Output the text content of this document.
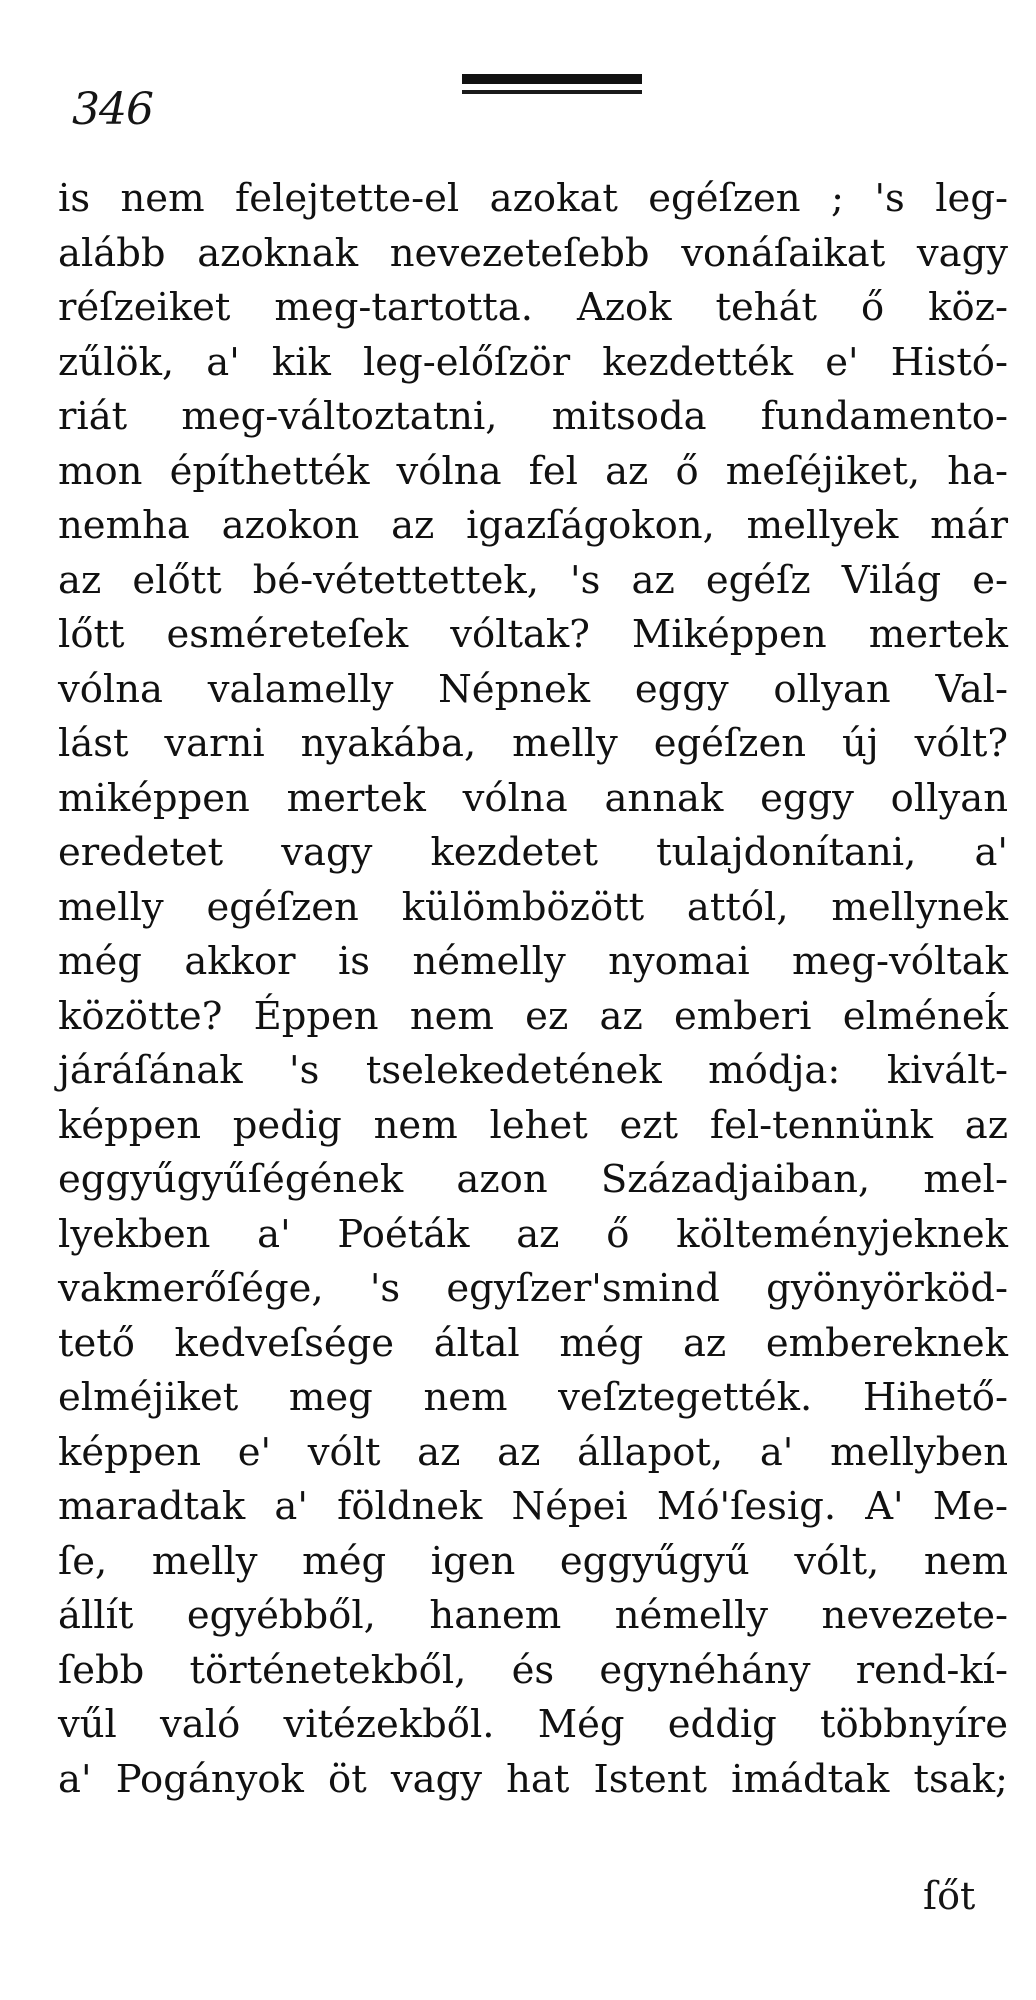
346
is nem felejtette-el azokat egéſzen ; 's leg-
alább azoknak nevezeteſebb vonáſaikat vagy
réſzeiket meg-tartotta. Azok tehát ő köz-
zűlök, a' kik leg-előſzör kezdették e' Histó-
riát meg-változtatni, mitsoda fundamento-
mon építhették vólna fel az ő meſéjiket, ha-
nemha azokon az igazſágokon, mellyek már
az előtt bé-vétettettek, 's az egéſz Világ e-
lőtt esméreteſek vóltak? Miképpen mertek
vólna valamelly Népnek eggy ollyan Val-
lást varni nyakába, melly egéſzen új vólt?
miképpen mertek vólna annak eggy ollyan
eredetet vagy kezdetet tulajdonítani, a'
melly egéſzen külömbözött attól, mellynek
még akkor is némelly nyomai meg-vóltak
közötte? Éppen nem ez az emberi elméneḱ
járáſának 's tselekedetének módja: kivált-
képpen pedig nem lehet ezt fel-tennünk az
eggyűgyűſégének azon Századjaiban, mel-
lyekben a' Poéták az ő költeményjeknek
vakmerőſége, 's egyſzer'smind gyönyörköd-
tető kedveſsége által még az embereknek
elméjiket meg nem veſztegették. Hihető-
képpen e' vólt az az állapot, a' mellyben
maradtak a' földnek Népei Mó'ſesig. A' Me-
ſe, melly még igen eggyűgyű vólt, nem
állít egyébből, hanem némelly nevezete-
ſebb történetekből, és egynéhány rend-kí-
vűl való vitézekből. Még eddig többnyíre
a' Pogányok öt vagy hat Istent imádtak tsak;
ſőt
